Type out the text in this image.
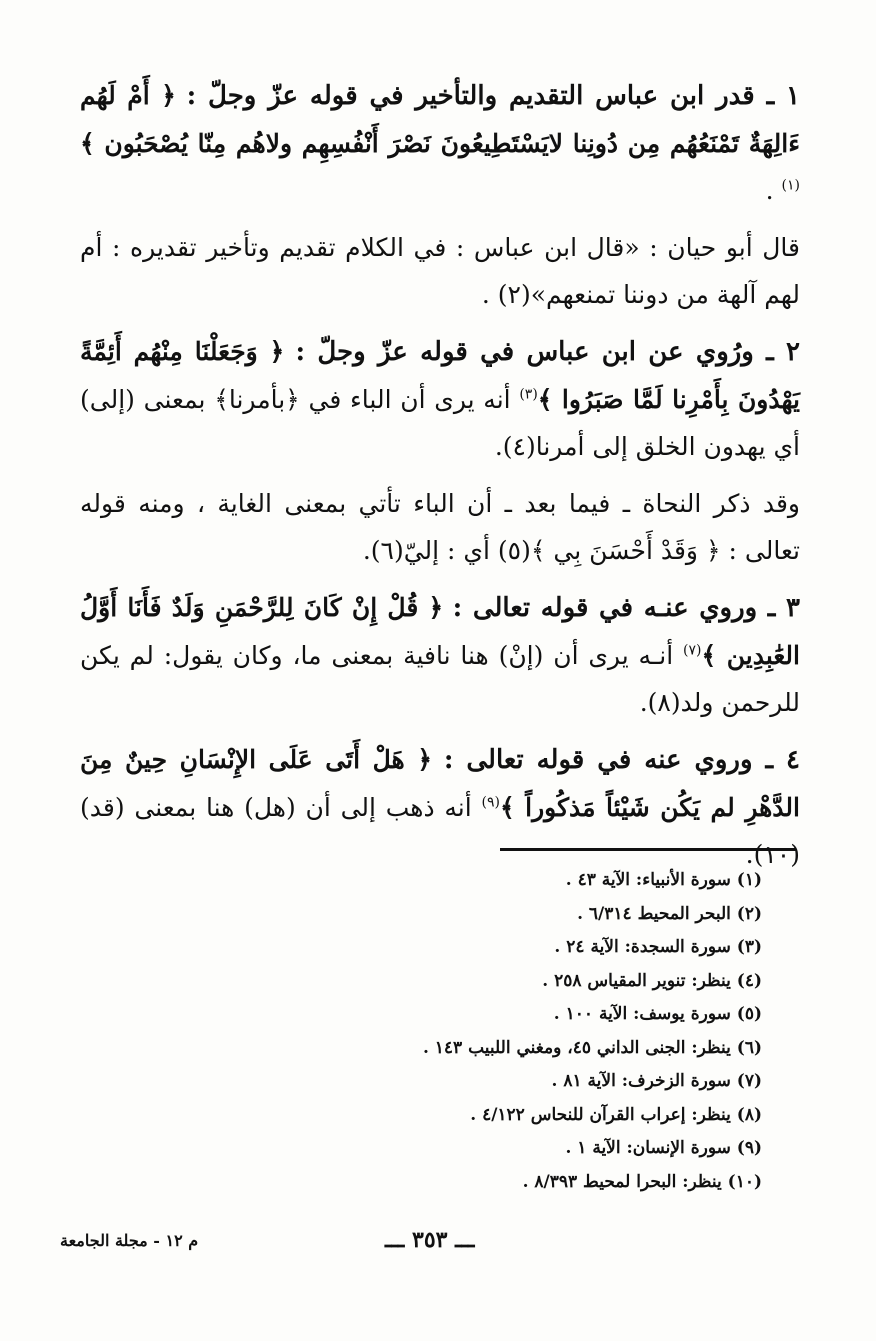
١ ـ قدر ابن عباس التقديم والتأخير في قوله عزّ وجلّ : ﴿ أَمْ لَهُم ءَالِهَةٌ تَمْنَعُهُم مِن دُونِنا لايَسْتَطِيعُونَ نَصْرَ أَنْفُسِهِم ولاهُم مِنّا يُصْحَبُون ﴾$^{(١)}$ .

قال أبو حيان : «قال ابن عباس : في الكلام تقديم وتأخير تقديره : أم لهم آلهة من دوننا تمنعهم»(٢) .

٢ ـ ورُوي عن ابن عباس في قوله عزّ وجلّ : ﴿ وَجَعَلْنَا مِنْهُم أَئِمَّةً يَهْدُونَ بِأَمْرِنا لَمَّا صَبَرُوا ﴾$^{(٣)}$ أنه يرى أن الباء في ﴿بأمرنا﴾ بمعنى (إلى) أي يهدون الخلق إلى أمرنا(٤).

وقد ذكر النحاة ـ فيما بعد ـ أن الباء تأتي بمعنى الغاية ، ومنه قوله تعالى : ﴿ وَقَدْ أَحْسَنَ بِي ﴾(٥) أي : إليّ(٦).

٣ ـ وروي عنـه في قوله تعالى : ﴿ قُلْ إِنْ كَانَ لِلرَّحْمَنِ وَلَدٌ فَأَنَا أَوَّلُ العَٰبِدِين ﴾$^{(٧)}$ أنـه يرى أن (إنْ) هنا نافية بمعنى ما، وكان يقول: لم يكن للرحمن ولد(٨).

٤ ـ وروي عنه في قوله تعالى : ﴿ هَلْ أَتَى عَلَى الإِنْسَانِ حِينٌ مِنَ الدَّهْرِ لم يَكُن شَيْئاً مَذكُوراً ﴾$^{(٩)}$ أنه ذهب إلى أن (هل) هنا بمعنى (قد)(١٠).

(١) سورة الأنبياء: الآية ٤٣ .
(٢) البحر المحيط ٦/٣١٤ .
(٣) سورة السجدة: الآية ٢٤ .
(٤) ينظر: تنوير المقياس ٢٥٨ .
(٥) سورة يوسف: الآية ١٠٠ .
(٦) ينظر: الجنى الداني ٤٥، ومغني اللبيب ١٤٣ .
(٧) سورة الزخرف: الآية ٨١ .
(٨) ينظر: إعراب القرآن للنحاس ٤/١٢٢ .
(٩) سورة الإنسان: الآية ١ .
(١٠) ينظر: البحرا لمحيط ٨/٣٩٣ .
م ١٢ - مجلة الجامعة	ـــ ٣٥٣ ـــ
